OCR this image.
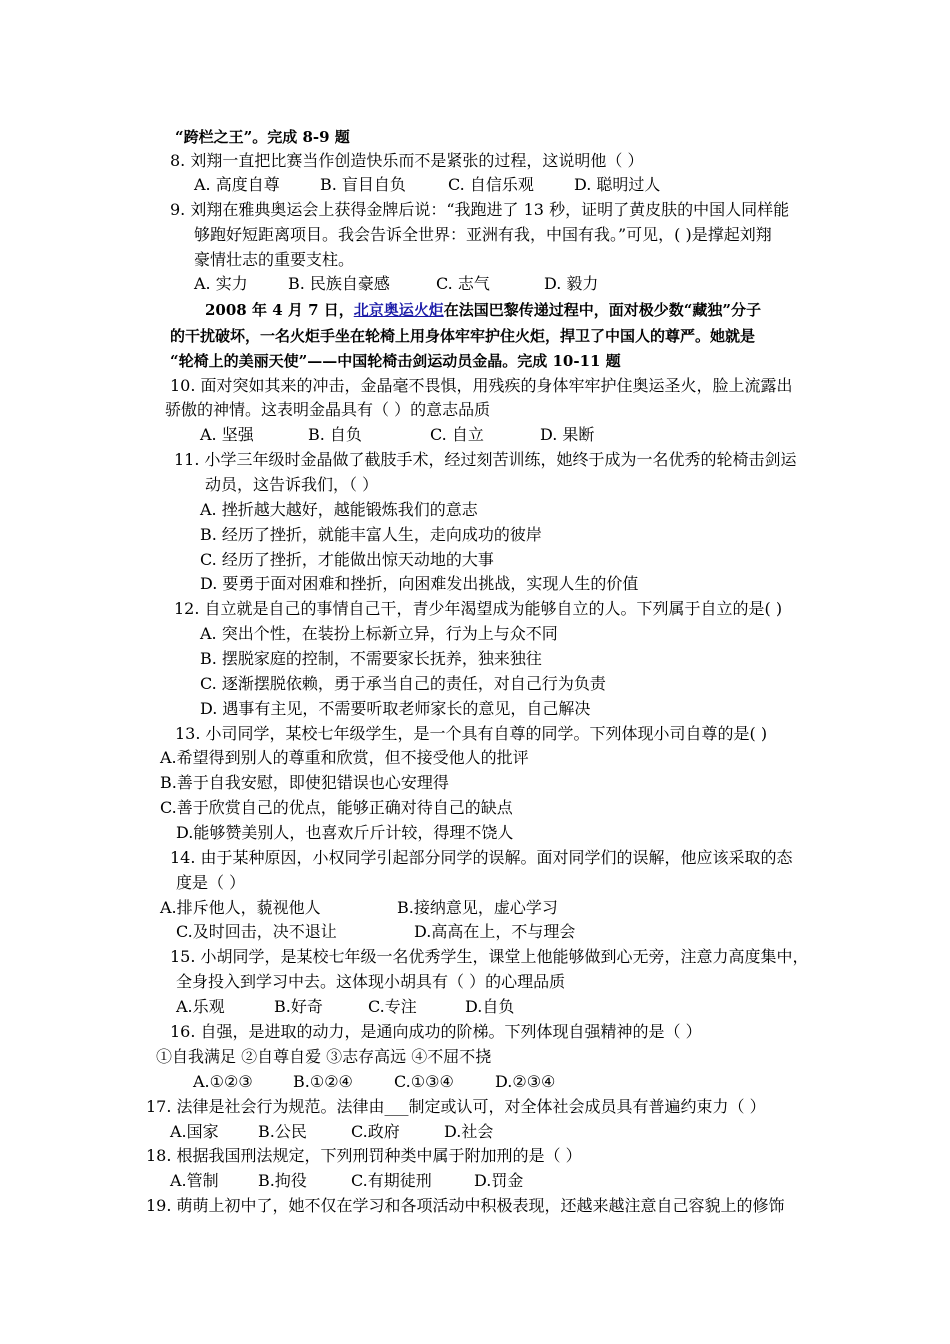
“跨栏之王”。完成 8-9 题
8. 刘翔一直把比赛当作创造快乐而不是紧张的过程，这说明他（ ）
A. 高度自尊	B. 盲目自负	C. 自信乐观	D. 聪明过人
9. 刘翔在雅典奥运会上获得金牌后说：“我跑进了 13 秒，证明了黄皮肤的中国人同样能
够跑好短距离项目。我会告诉全世界：亚洲有我，中国有我。”可见，( )是撑起刘翔
豪情壮志的重要支柱。
A. 实力	B. 民族自豪感	C. 志气	D. 毅力
2008 年 4 月 7 日，北京奥运火炬在法国巴黎传递过程中，面对极少数“藏独”分子
的干扰破坏，一名火炬手坐在轮椅上用身体牢牢护住火炬，捍卫了中国人的尊严。她就是
“轮椅上的美丽天使”——中国轮椅击剑运动员金晶。完成 10-11 题
10. 面对突如其来的冲击，金晶毫不畏惧，用残疾的身体牢牢护住奥运圣火，脸上流露出
骄傲的神情。这表明金晶具有（ ）的意志品质
A. 坚强	B. 自负	C. 自立	D. 果断
11. 小学三年级时金晶做了截肢手术，经过刻苦训练，她终于成为一名优秀的轮椅击剑运
动员，这告诉我们，（ ）
A. 挫折越大越好，越能锻炼我们的意志
B. 经历了挫折，就能丰富人生，走向成功的彼岸
C. 经历了挫折，才能做出惊天动地的大事
D. 要勇于面对困难和挫折，向困难发出挑战，实现人生的价值
12. 自立就是自己的事情自己干，青少年渴望成为能够自立的人。下列属于自立的是( )
A. 突出个性，在装扮上标新立异，行为上与众不同
B. 摆脱家庭的控制，不需要家长抚养，独来独往
C. 逐渐摆脱依赖，勇于承当自己的责任，对自己行为负责
D. 遇事有主见，不需要听取老师家长的意见，自己解决
13. 小司同学，某校七年级学生，是一个具有自尊的同学。下列体现小司自尊的是( )
A.希望得到别人的尊重和欣赏，但不接受他人的批评
B.善于自我安慰，即使犯错误也心安理得
C.善于欣赏自己的优点，能够正确对待自己的缺点
D.能够赞美别人，也喜欢斤斤计较，得理不饶人
14. 由于某种原因，小权同学引起部分同学的误解。面对同学们的误解，他应该采取的态
度是（ ）
A.排斥他人，藐视他人	B.接纳意见，虚心学习
C.及时回击，决不退让	D.高高在上，不与理会
15. 小胡同学，是某校七年级一名优秀学生，课堂上他能够做到心无旁，注意力高度集中，
全身投入到学习中去。这体现小胡具有（ ）的心理品质
A.乐观	B.好奇	C.专注	D.自负
16. 自强，是进取的动力，是通向成功的阶梯。下列体现自强精神的是（ ）
①自我满足 ②自尊自爱 ③志存高远 ④不屈不挠
A.①②③	B.①②④	C.①③④	D.②③④
17. 法律是社会行为规范。法律由___制定或认可，对全体社会成员具有普遍约束力（ ）
A.国家 B.公民	C.政府	D.社会
18. 根据我国刑法规定，下列刑罚种类中属于附加刑的是（ ）
A.管制 B.拘役	C.有期徒刑	D.罚金
19. 萌萌上初中了，她不仅在学习和各项活动中积极表现，还越来越注意自己容貌上的修饰
